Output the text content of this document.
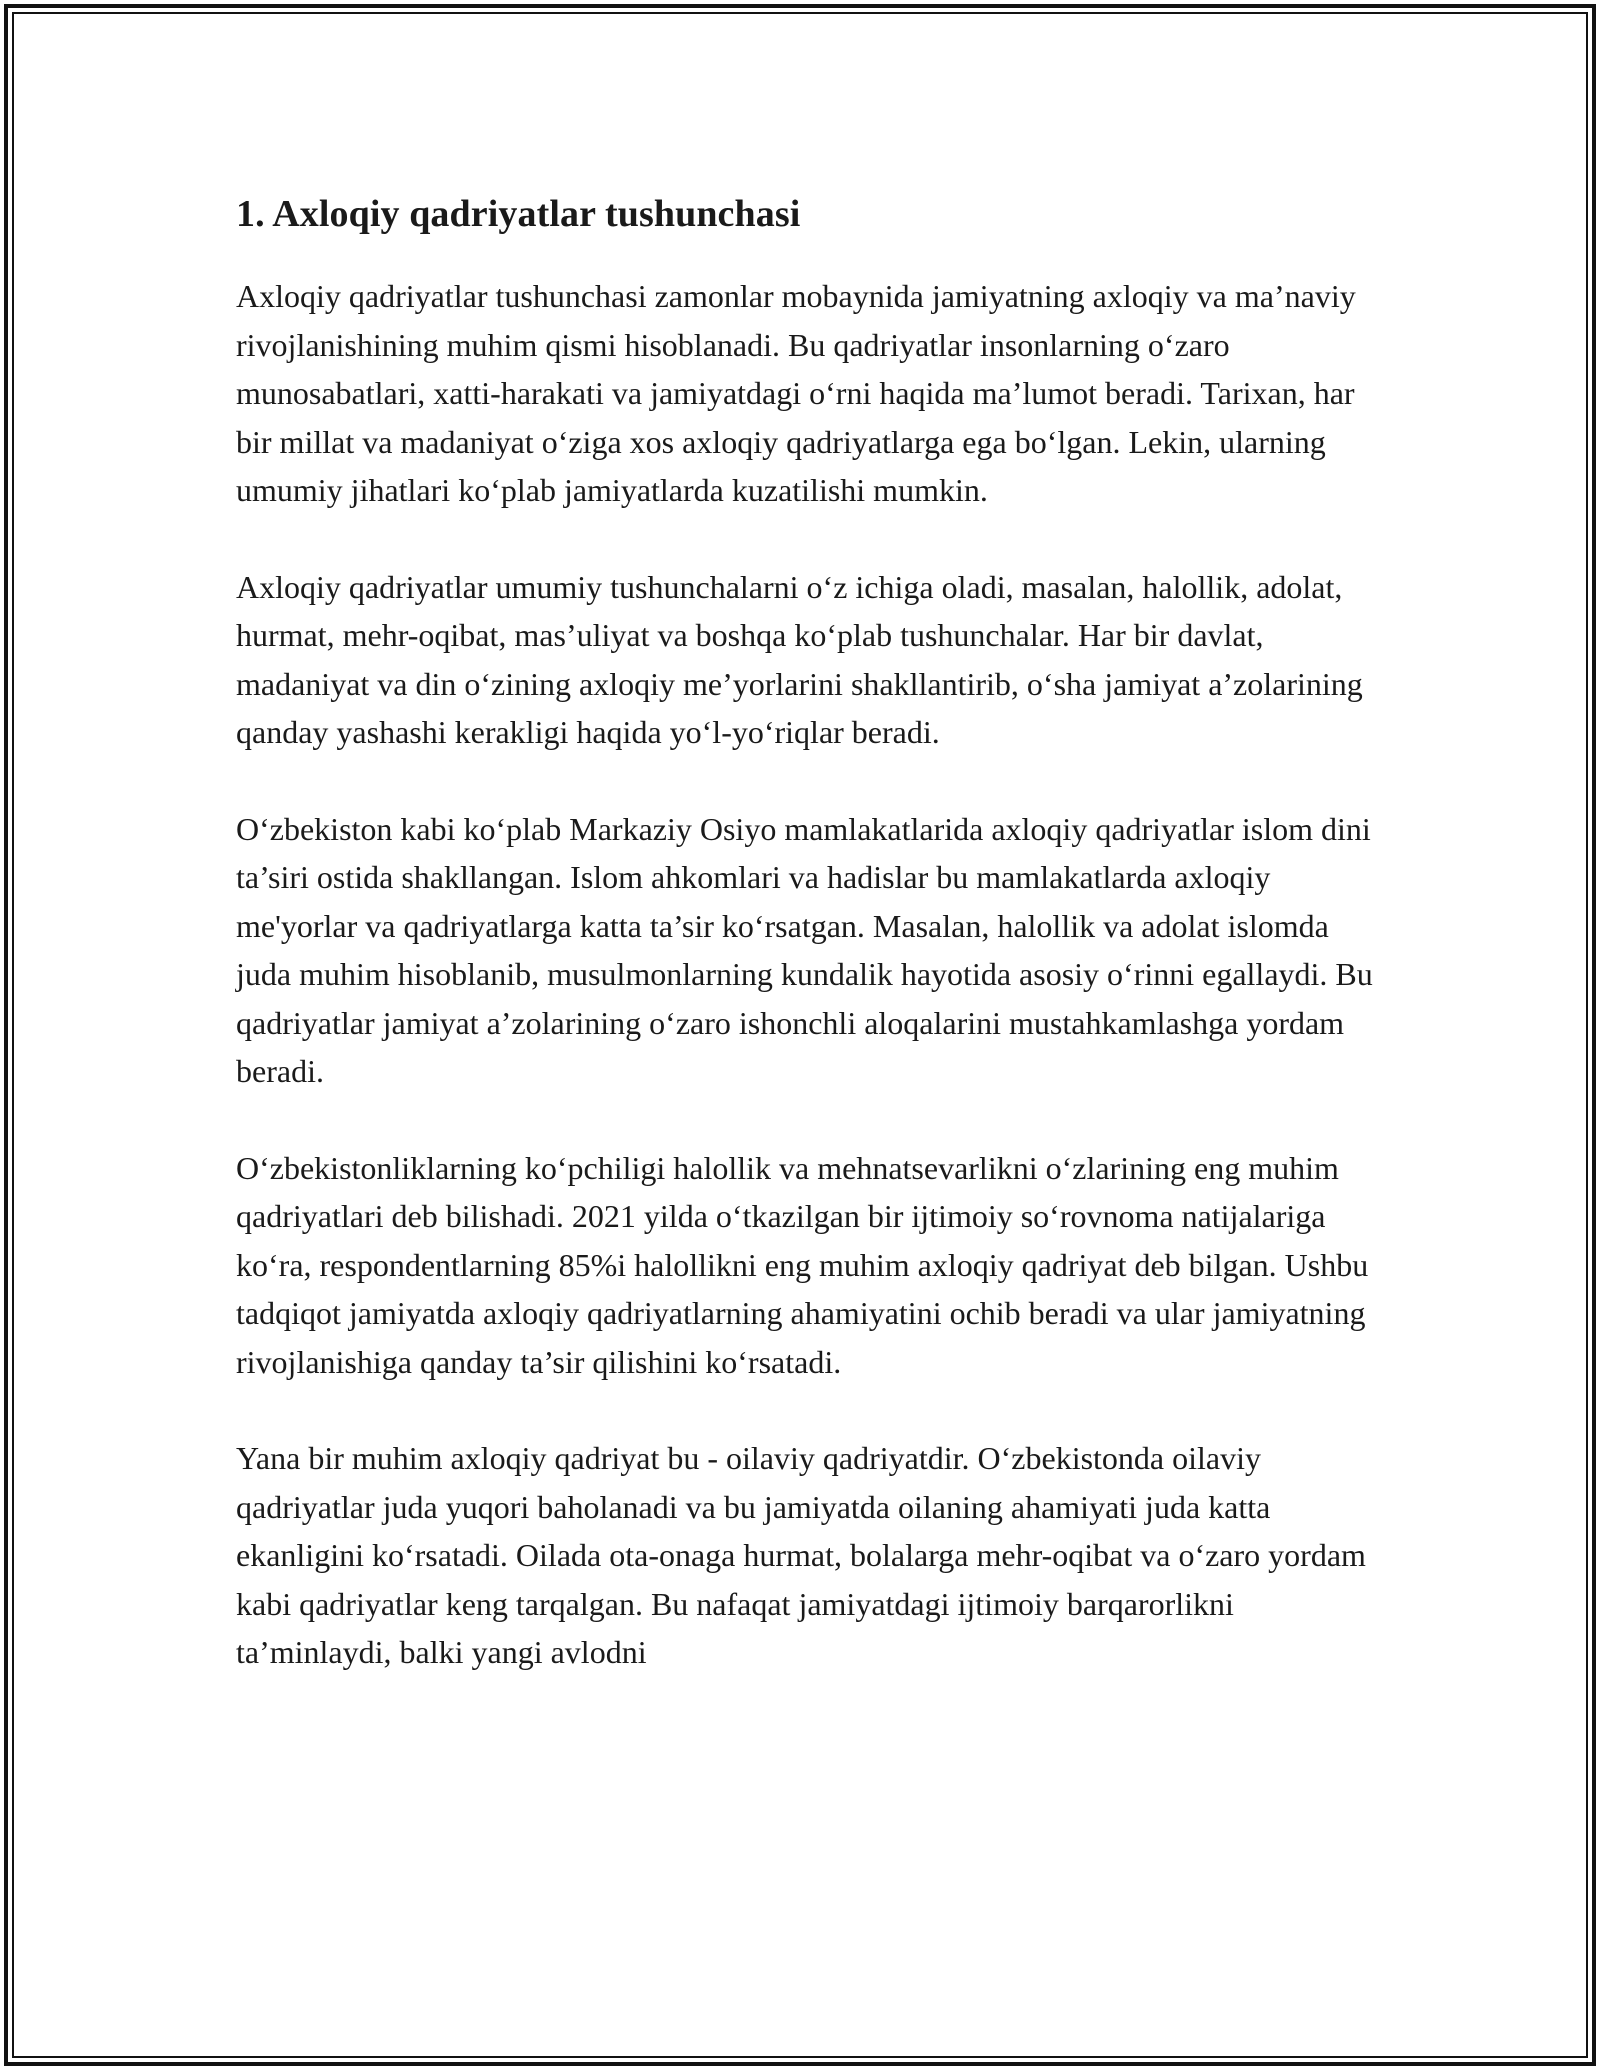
1. Axloqiy qadriyatlar tushunchasi

Axloqiy qadriyatlar tushunchasi zamonlar mobaynida jamiyatning axloqiy va ma’naviy rivojlanishining muhim qismi hisoblanadi. Bu qadriyatlar insonlarning o‘zaro munosabatlari, xatti-harakati va jamiyatdagi o‘rni haqida ma’lumot beradi. Tarixan, har bir millat va madaniyat o‘ziga xos axloqiy qadriyatlarga ega bo‘lgan. Lekin, ularning umumiy jihatlari ko‘plab jamiyatlarda kuzatilishi mumkin.

Axloqiy qadriyatlar umumiy tushunchalarni o‘z ichiga oladi, masalan, halollik, adolat, hurmat, mehr-oqibat, mas’uliyat va boshqa ko‘plab tushunchalar. Har bir davlat, madaniyat va din o‘zining axloqiy me’yorlarini shakllantirib, o‘sha jamiyat a’zolarining qanday yashashi kerakligi haqida yo‘l-yo‘riqlar beradi.

O‘zbekiston kabi ko‘plab Markaziy Osiyo mamlakatlarida axloqiy qadriyatlar islom dini ta’siri ostida shakllangan. Islom ahkomlari va hadislar bu mamlakatlarda axloqiy me'yorlar va qadriyatlarga katta ta’sir ko‘rsatgan. Masalan, halollik va adolat islomda juda muhim hisoblanib, musulmonlarning kundalik hayotida asosiy o‘rinni egallaydi. Bu qadriyatlar jamiyat a’zolarining o‘zaro ishonchli aloqalarini mustahkamlashga yordam beradi.

O‘zbekistonliklarning ko‘pchiligi halollik va mehnatsevarlikni o‘zlarining eng muhim qadriyatlari deb bilishadi. 2021 yilda o‘tkazilgan bir ijtimoiy so‘rovnoma natijalariga ko‘ra, respondentlarning 85%i halollikni eng muhim axloqiy qadriyat deb bilgan. Ushbu tadqiqot jamiyatda axloqiy qadriyatlarning ahamiyatini ochib beradi va ular jamiyatning rivojlanishiga qanday ta’sir qilishini ko‘rsatadi.

Yana bir muhim axloqiy qadriyat bu - oilaviy qadriyatdir. O‘zbekistonda oilaviy qadriyatlar juda yuqori baholanadi va bu jamiyatda oilaning ahamiyati juda katta ekanligini ko‘rsatadi. Oilada ota-onaga hurmat, bolalarga mehr-oqibat va o‘zaro yordam kabi qadriyatlar keng tarqalgan. Bu nafaqat jamiyatdagi ijtimoiy barqarorlikni ta’minlaydi, balki yangi avlodni
